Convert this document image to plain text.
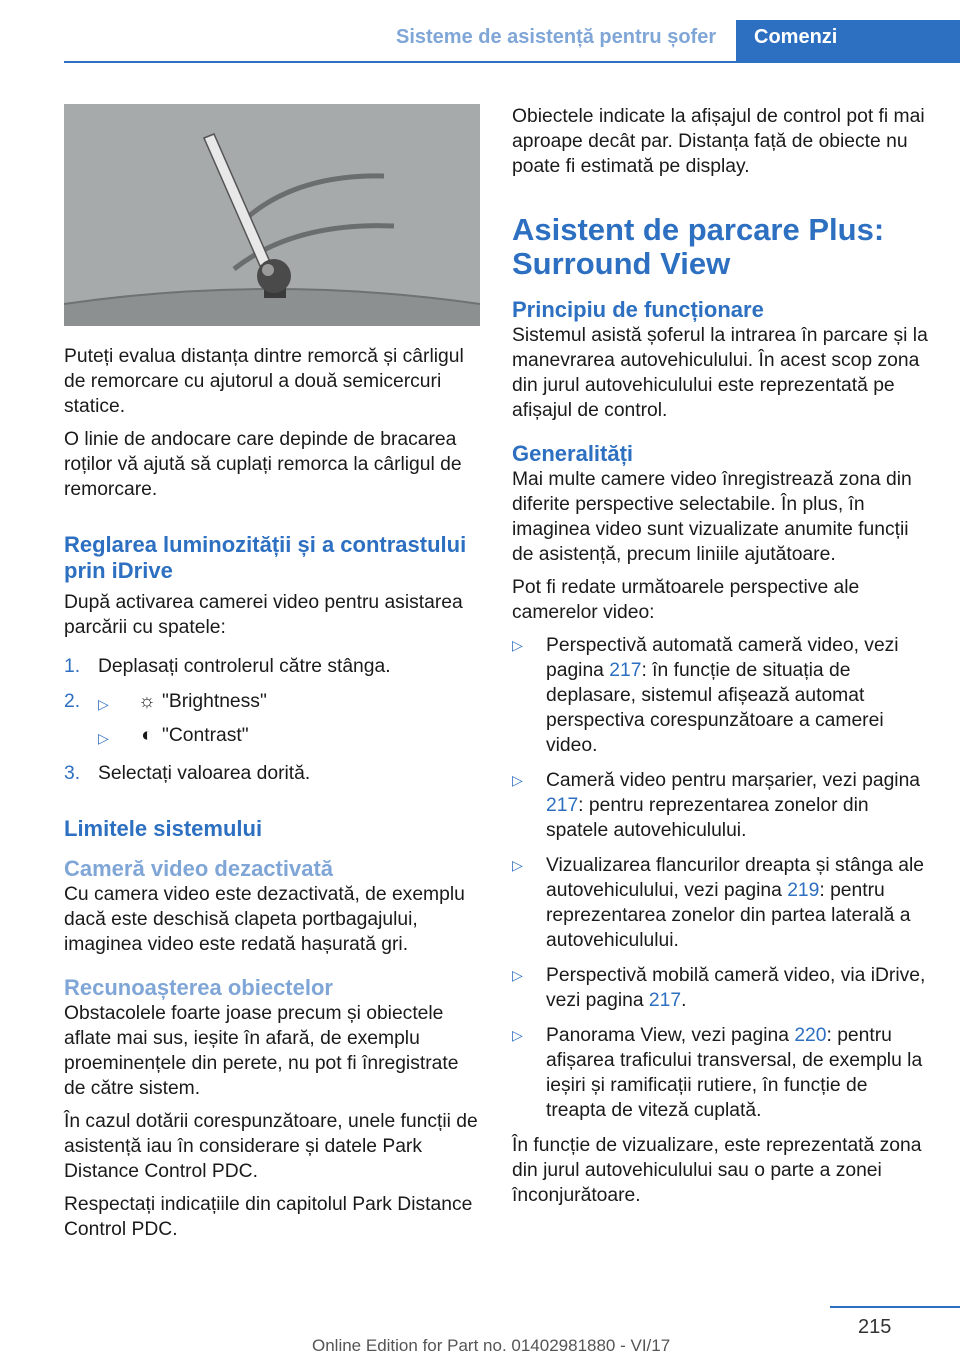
Sisteme de asistență pentru șofer	Comenzi

Puteți evalua distanța dintre remorcă și cârligul de remorcare cu ajutorul a două semicercuri statice.

O linie de andocare care depinde de bracarea roților vă ajută să cuplați remorca la cârligul de remorcare.

Reglarea luminozității și a contrastului prin iDrive

După activarea camerei video pentru asistarea parcării cu spatele:

1. Deplasați controlerul către stânga.
2.	▷	☼ "Brightness"
▷	◐ "Contrast"
3. Selectați valoarea dorită.
Limitele sistemului
Cameră video dezactivată

Cu camera video este dezactivată, de exemplu dacă este deschisă clapeta portbagajului, imaginea video este redată hașurată gri.

Recunoașterea obiectelor

Obstacolele foarte joase precum și obiectele aflate mai sus, ieșite în afară, de exemplu proeminențele din perete, nu pot fi înregistrate de către sistem.

În cazul dotării corespunzătoare, unele funcții de asistență iau în considerare și datele Park Distance Control PDC.

Respectați indicațiile din capitolul Park Distance Control PDC.

Obiectele indicate la afișajul de control pot fi mai aproape decât par. Distanța față de obiecte nu poate fi estimată pe display.

Asistent de parcare Plus: Surround View
Principiu de funcționare

Sistemul asistă șoferul la intrarea în parcare și la manevrarea autovehiculului. În acest scop zona din jurul autovehiculului este reprezentată pe afișajul de control.

Generalități

Mai multe camere video înregistrează zona din diferite perspective selectabile. În plus, în imaginea video sunt vizualizate anumite funcții de asistență, precum liniile ajutătoare.

Pot fi redate următoarele perspective ale camerelor video:

▷	Perspectivă automată cameră video, vezi pagina 217: în funcție de situația de deplasare, sistemul afișează automat perspectiva corespunzătoare a camerei video.
▷	Cameră video pentru marșarier, vezi pagina 217: pentru reprezentarea zonelor din spatele autovehiculului.
▷	Vizualizarea flancurilor dreapta și stânga ale autovehiculului, vezi pagina 219: pentru reprezentarea zonelor din partea laterală a autovehiculului.
▷	Perspectivă mobilă cameră video, via iDrive, vezi pagina 217.
▷	Panorama View, vezi pagina 220: pentru afișarea traficului transversal, de exemplu la ieșiri și ramificații rutiere, în funcție de treapta de viteză cuplată.

În funcție de vizualizare, este reprezentată zona din jurul autovehiculului sau o parte a zonei înconjurătoare.

215
Online Edition for Part no. 01402981880 - VI/17
